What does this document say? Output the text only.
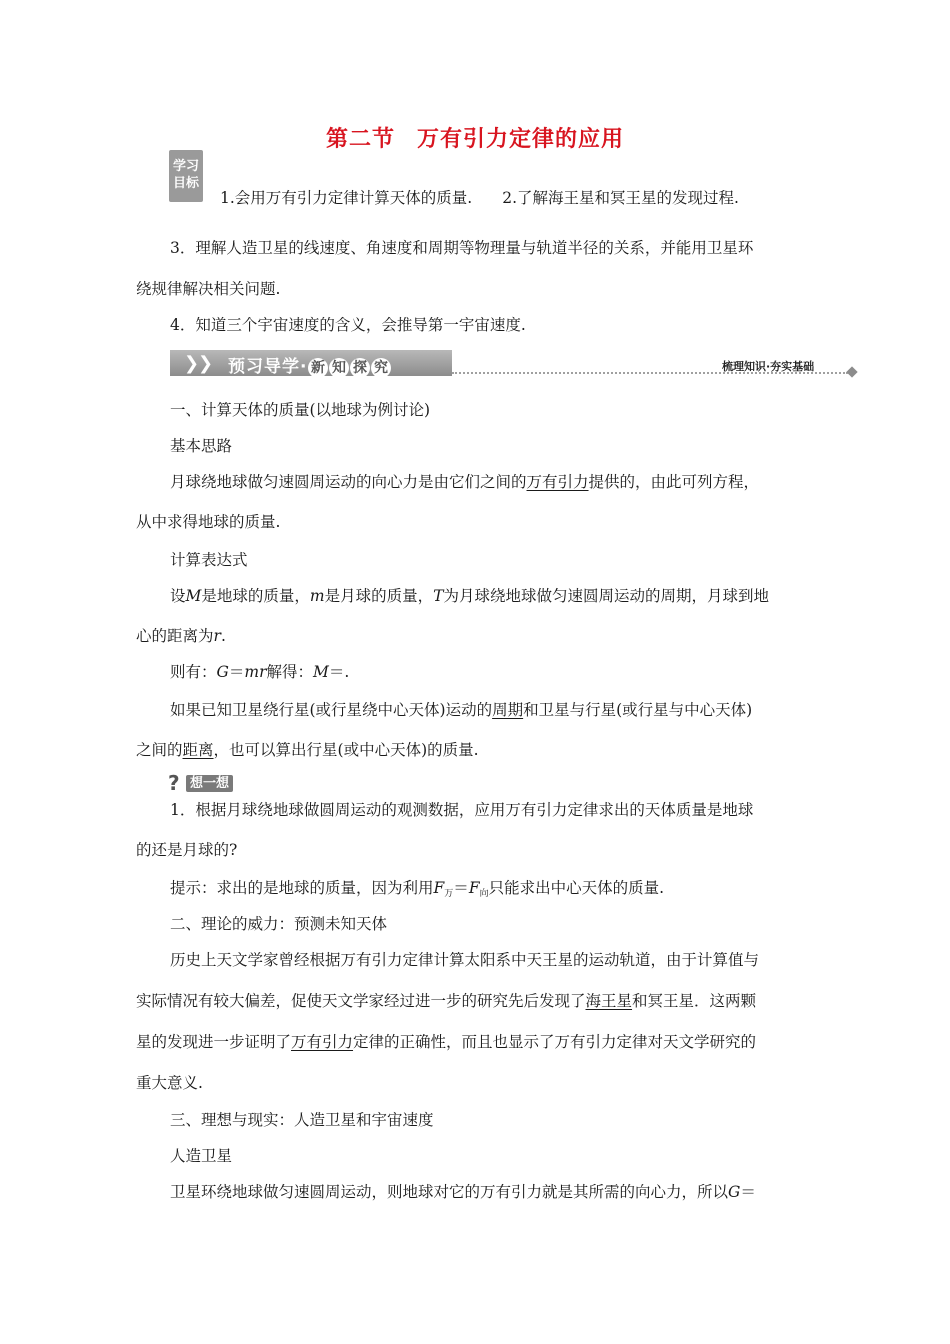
第二节 万有引力定律的应用
学习目标
1.会用万有引力定律计算天体的质量. 2.了解海王星和冥王星的发现过程.
3．理解人造卫星的线速度、角速度和周期等物理量与轨道半径的关系，并能用卫星环
绕规律解决相关问题.
4．知道三个宇宙速度的含义，会推导第一宇宙速度.
❯
❯ 预习导学· 新 知 探 究	梳理知识·夯实基础
一、计算天体的质量(以地球为例讨论)
基本思路
月球绕地球做匀速圆周运动的向心力是由它们之间的万有引力提供的，由此可列方程，
从中求得地球的质量.
计算表达式
设M是地球的质量，m是月球的质量，T为月球绕地球做匀速圆周运动的周期，月球到地
心的距离为r.
则有：G＝mr解得：M＝.
如果已知卫星绕行星(或行星绕中心天体)运动的周期和卫星与行星(或行星与中心天体)
之间的距离，也可以算出行星(或中心天体)的质量.
? 想一想
1．根据月球绕地球做圆周运动的观测数据，应用万有引力定律求出的天体质量是地球
的还是月球的?
提示：求出的是地球的质量，因为利用$F_万=F_向$只能求出中心天体的质量.
二、理论的威力：预测未知天体
历史上天文学家曾经根据万有引力定律计算太阳系中天王星的运动轨道，由于计算值与
实际情况有较大偏差，促使天文学家经过进一步的研究先后发现了海王星和冥王星．这两颗
星的发现进一步证明了万有引力定律的正确性，而且也显示了万有引力定律对天文学研究的
重大意义.
三、理想与现实：人造卫星和宇宙速度
人造卫星
卫星环绕地球做匀速圆周运动，则地球对它的万有引力就是其所需的向心力，所以G＝
